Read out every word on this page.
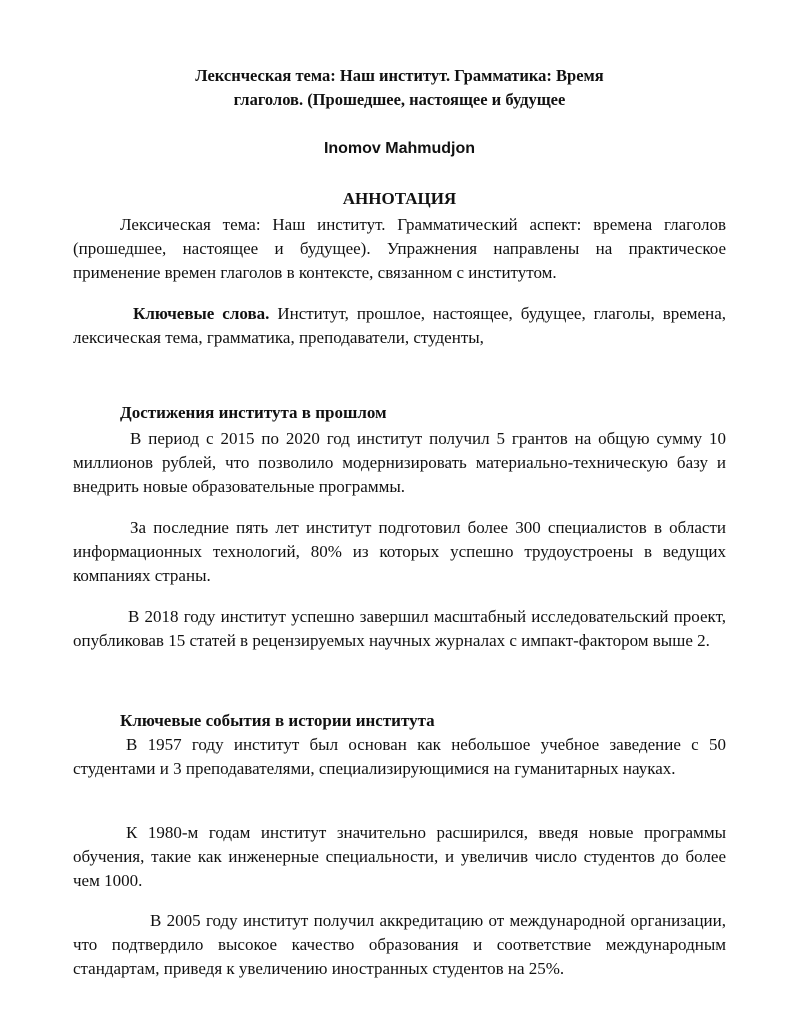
Лекснческая тема: Наш институт. Грамматика: Время
глаголов. (Прошедшее, настоящее и будущее
Inomov Mahmudjon
АННОТАЦИЯ

Лексическая тема: Наш институт. Грамматический аспект: времена глаголов (прошедшее, настоящее и будущее). Упражнения направлены на практическое применение времен глаголов в контексте, связанном с институтом.

Ключевые слова. Институт, прошлое, настоящее, будущее, глаголы, времена, лексическая тема, грамматика, преподаватели, студенты,

Достижения института в прошлом

В период с 2015 по 2020 год институт получил 5 грантов на общую сумму 10 миллионов рублей, что позволило модернизировать материально-техническую базу и внедрить новые образовательные программы.

За последние пять лет институт подготовил более 300 специалистов в области информационных технологий, 80% из которых успешно трудоустроены в ведущих компаниях страны.

В 2018 году институт успешно завершил масштабный исследовательский проект, опубликовав 15 статей в рецензируемых научных журналах с импакт-фактором выше 2.

Ключевые события в истории института

В 1957 году институт был основан как небольшое учебное заведение с 50 студентами и 3 преподавателями, специализирующимися на гуманитарных науках.

К 1980-м годам институт значительно расширился, введя новые программы обучения, такие как инженерные специальности, и увеличив число студентов до более чем 1000.

В 2005 году институт получил аккредитацию от международной организации, что подтвердило высокое качество образования и соответствие международным стандартам, приведя к увеличению иностранных студентов на 25%.
